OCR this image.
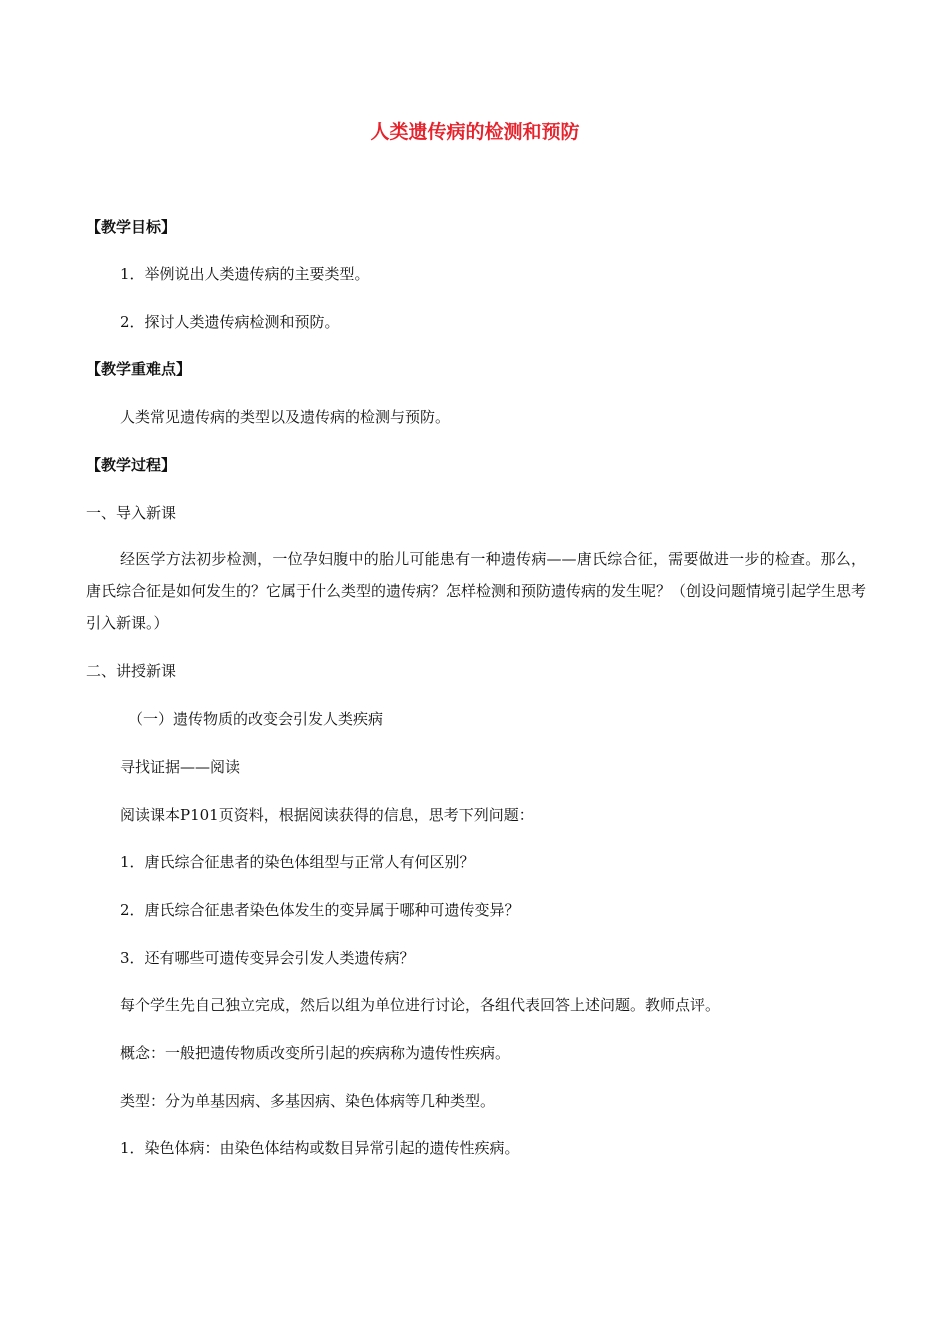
人类遗传病的检测和预防
【教学目标】
1．举例说出人类遗传病的主要类型。
2．探讨人类遗传病检测和预防。
【教学重难点】
人类常见遗传病的类型以及遗传病的检测与预防。
【教学过程】
一、导入新课
经医学方法初步检测，一位孕妇腹中的胎儿可能患有一种遗传病——唐氏综合征，需要做进一步的检查。那么，唐氏综合征是如何发生的？它属于什么类型的遗传病？怎样检测和预防遗传病的发生呢？（创设问题情境引起学生思考引入新课。）
二、讲授新课
（一）遗传物质的改变会引发人类疾病
寻找证据——阅读
阅读课本P101页资料，根据阅读获得的信息，思考下列问题：
1．唐氏综合征患者的染色体组型与正常人有何区别？
2．唐氏综合征患者染色体发生的变异属于哪种可遗传变异？
3．还有哪些可遗传变异会引发人类遗传病？
每个学生先自己独立完成，然后以组为单位进行讨论，各组代表回答上述问题。教师点评。
概念：一般把遗传物质改变所引起的疾病称为遗传性疾病。
类型：分为单基因病、多基因病、染色体病等几种类型。
1．染色体病：由染色体结构或数目异常引起的遗传性疾病。
